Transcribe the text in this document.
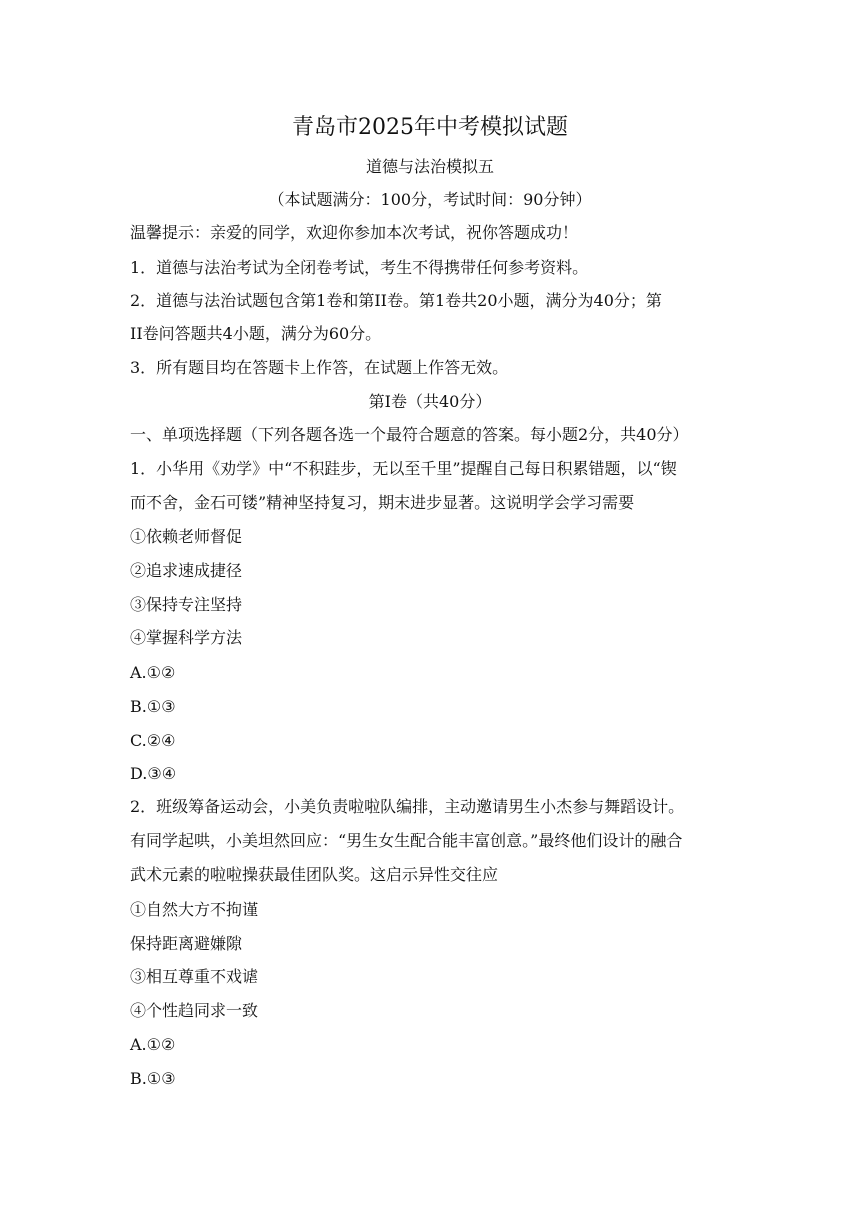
青岛市2025年中考模拟试题
道德与法治模拟五
（本试题满分：100分，考试时间：90分钟）
温馨提示：亲爱的同学，欢迎你参加本次考试，祝你答题成功！
1．道德与法治考试为全闭卷考试，考生不得携带任何参考资料。
2．道德与法治试题包含第1卷和第II卷。第1卷共20小题，满分为40分；第
II卷问答题共4小题，满分为60分。
3．所有题目均在答题卡上作答，在试题上作答无效。
第I卷（共40分）
一、单项选择题（下列各题各选一个最符合题意的答案。每小题2分，共40分）
1．小华用《劝学》中“不积跬步，无以至千里”提醒自己每日积累错题，以“锲
而不舍，金石可镂”精神坚持复习，期末进步显著。这说明学会学习需要
①依赖老师督促
②追求速成捷径
③保持专注坚持
④掌握科学方法
A.①②
B.①③
C.②④
D.③④
2．班级筹备运动会，小美负责啦啦队编排，主动邀请男生小杰参与舞蹈设计。
有同学起哄，小美坦然回应：“男生女生配合能丰富创意。”最终他们设计的融合
武术元素的啦啦操获最佳团队奖。这启示异性交往应
①自然大方不拘谨
保持距离避嫌隙
③相互尊重不戏谑
④个性趋同求一致
A.①②
B.①③
